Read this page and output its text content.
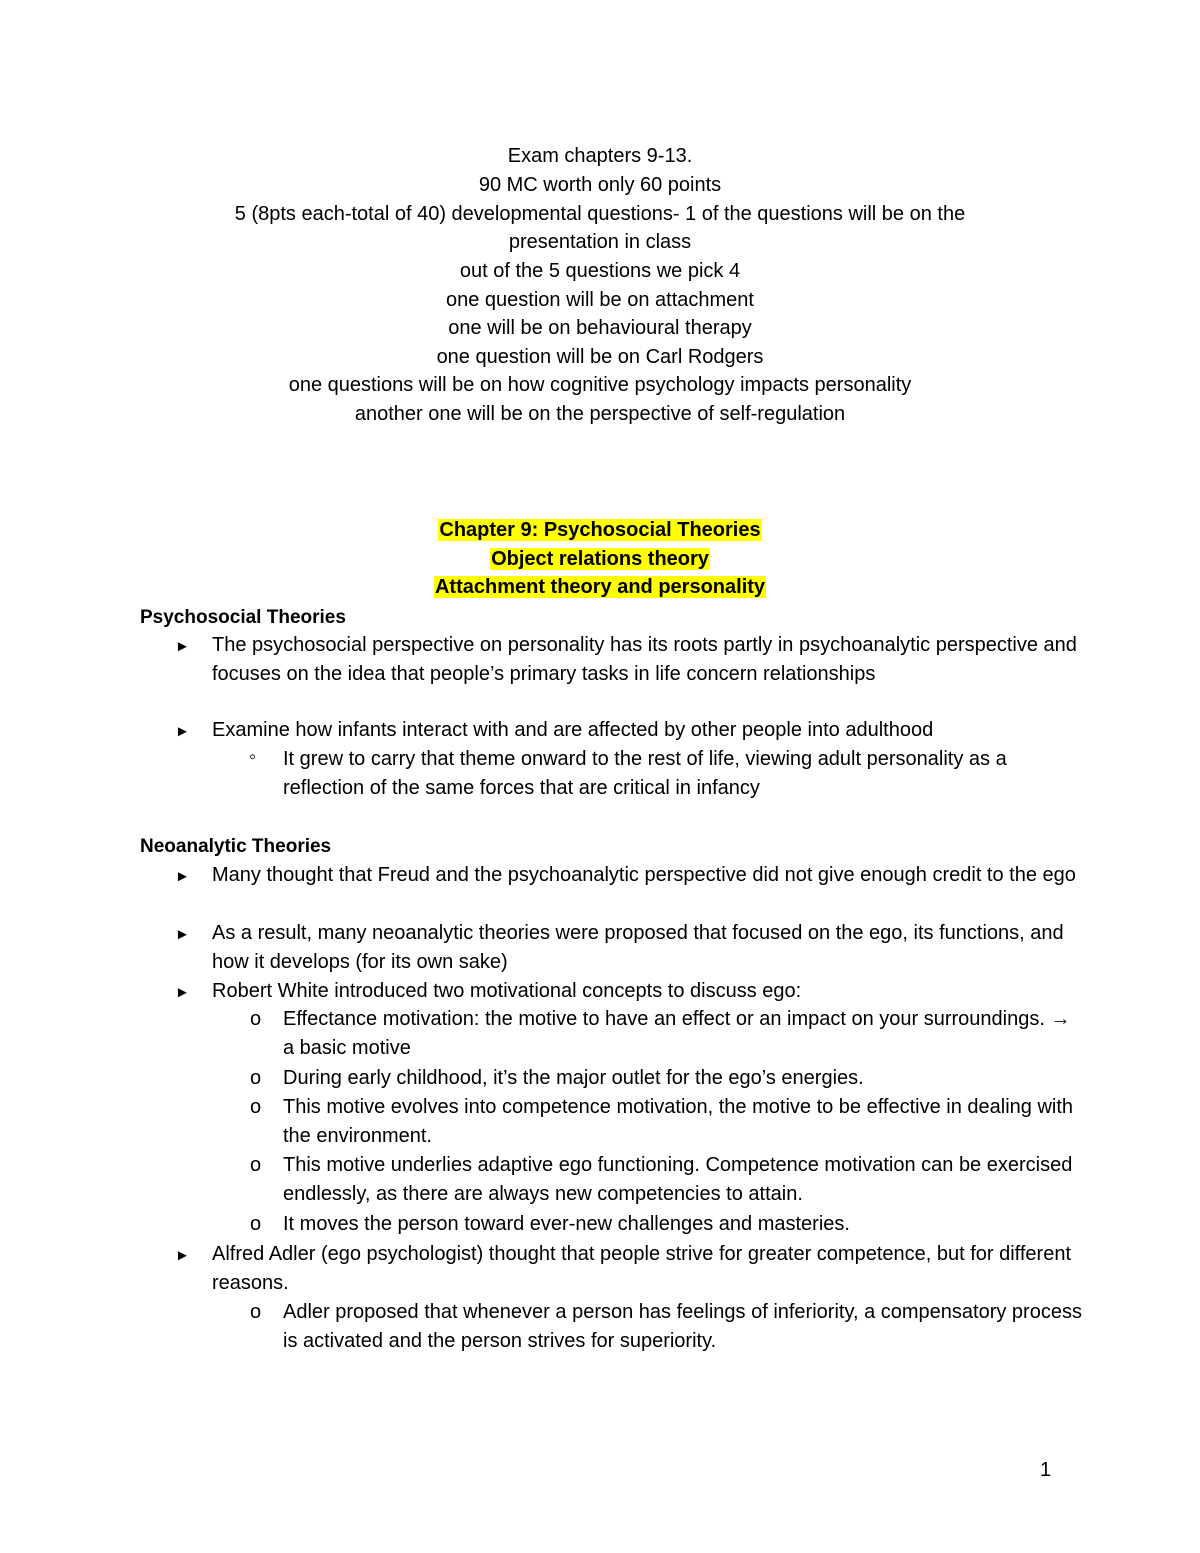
Exam chapters 9-13.
90 MC worth only 60 points
5 (8pts each-total of 40) developmental questions- 1 of the questions will be on the
presentation in class
out of the 5 questions we pick 4
one question will be on attachment
one will be on behavioural therapy
one question will be on Carl Rodgers
one questions will be on how cognitive psychology impacts personality
another one will be on the perspective of self-regulation
Chapter 9: Psychosocial Theories
Object relations theory
Attachment theory and personality
Psychosocial Theories
► The psychosocial perspective on personality has its roots partly in psychoanalytic perspective and focuses on the idea that people’s primary tasks in life concern relationships
► Examine how infants interact with and are affected by other people into adulthood
◦ It grew to carry that theme onward to the rest of life, viewing adult personality as a reflection of the same forces that are critical in infancy
Neoanalytic Theories
► Many thought that Freud and the psychoanalytic perspective did not give enough credit to the ego
► As a result, many neoanalytic theories were proposed that focused on the ego, its functions, and how it develops (for its own sake)
► Robert White introduced two motivational concepts to discuss ego:
o Effectance motivation: the motive to have an effect or an impact on your surroundings. → a basic motive
o During early childhood, it’s the major outlet for the ego’s energies.
o This motive evolves into competence motivation, the motive to be effective in dealing with the environment.
o This motive underlies adaptive ego functioning. Competence motivation can be exercised endlessly, as there are always new competencies to attain.
o It moves the person toward ever-new challenges and masteries.
► Alfred Adler (ego psychologist) thought that people strive for greater competence, but for different reasons.
o Adler proposed that whenever a person has feelings of inferiority, a compensatory process is activated and the person strives for superiority.
1
